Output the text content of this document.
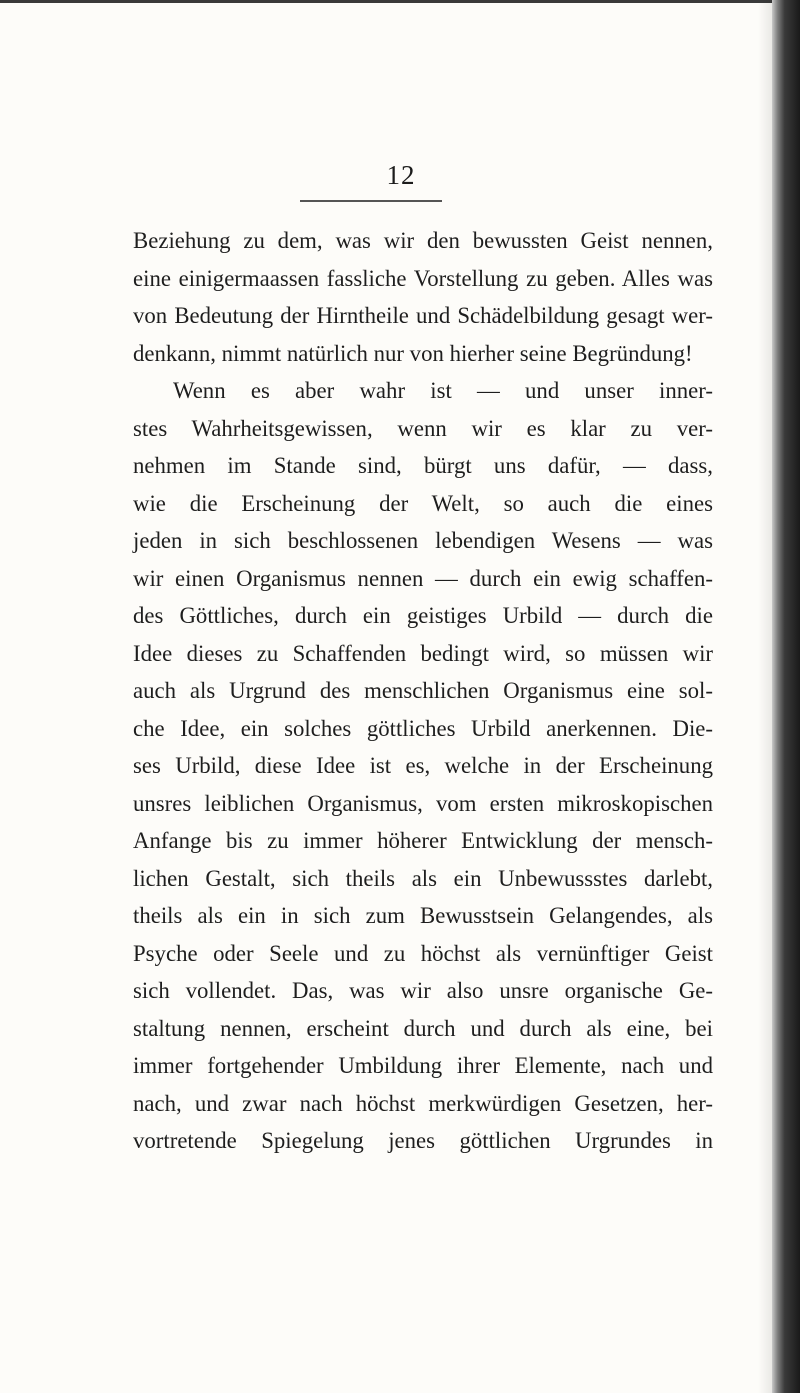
12
Beziehung zu dem, was wir den bewussten Geist nennen,
eine einigermaassen fassliche Vorstellung zu geben. Alles was
von Bedeutung der Hirntheile und Schädelbildung gesagt wer-
denkann, nimmt natürlich nur von hierher seine Begründung!
Wenn es aber wahr ist — und unser inner-
stes Wahrheitsgewissen, wenn wir es klar zu ver-
nehmen im Stande sind, bürgt uns dafür, — dass,
wie die Erscheinung der Welt, so auch die eines
jeden in sich beschlossenen lebendigen Wesens — was
wir einen Organismus nennen — durch ein ewig schaffen-
des Göttliches, durch ein geistiges Urbild — durch die
Idee dieses zu Schaffenden bedingt wird, so müssen wir
auch als Urgrund des menschlichen Organismus eine sol-
che Idee, ein solches göttliches Urbild anerkennen. Die-
ses Urbild, diese Idee ist es, welche in der Erscheinung
unsres leiblichen Organismus, vom ersten mikroskopischen
Anfange bis zu immer höherer Entwicklung der mensch-
lichen Gestalt, sich theils als ein Unbewussstes darlebt,
theils als ein in sich zum Bewusstsein Gelangendes, als
Psyche oder Seele und zu höchst als vernünftiger Geist
sich vollendet. Das, was wir also unsre organische Ge-
staltung nennen, erscheint durch und durch als eine, bei
immer fortgehender Umbildung ihrer Elemente, nach und
nach, und zwar nach höchst merkwürdigen Gesetzen, her-
vortretende Spiegelung jenes göttlichen Urgrundes in
